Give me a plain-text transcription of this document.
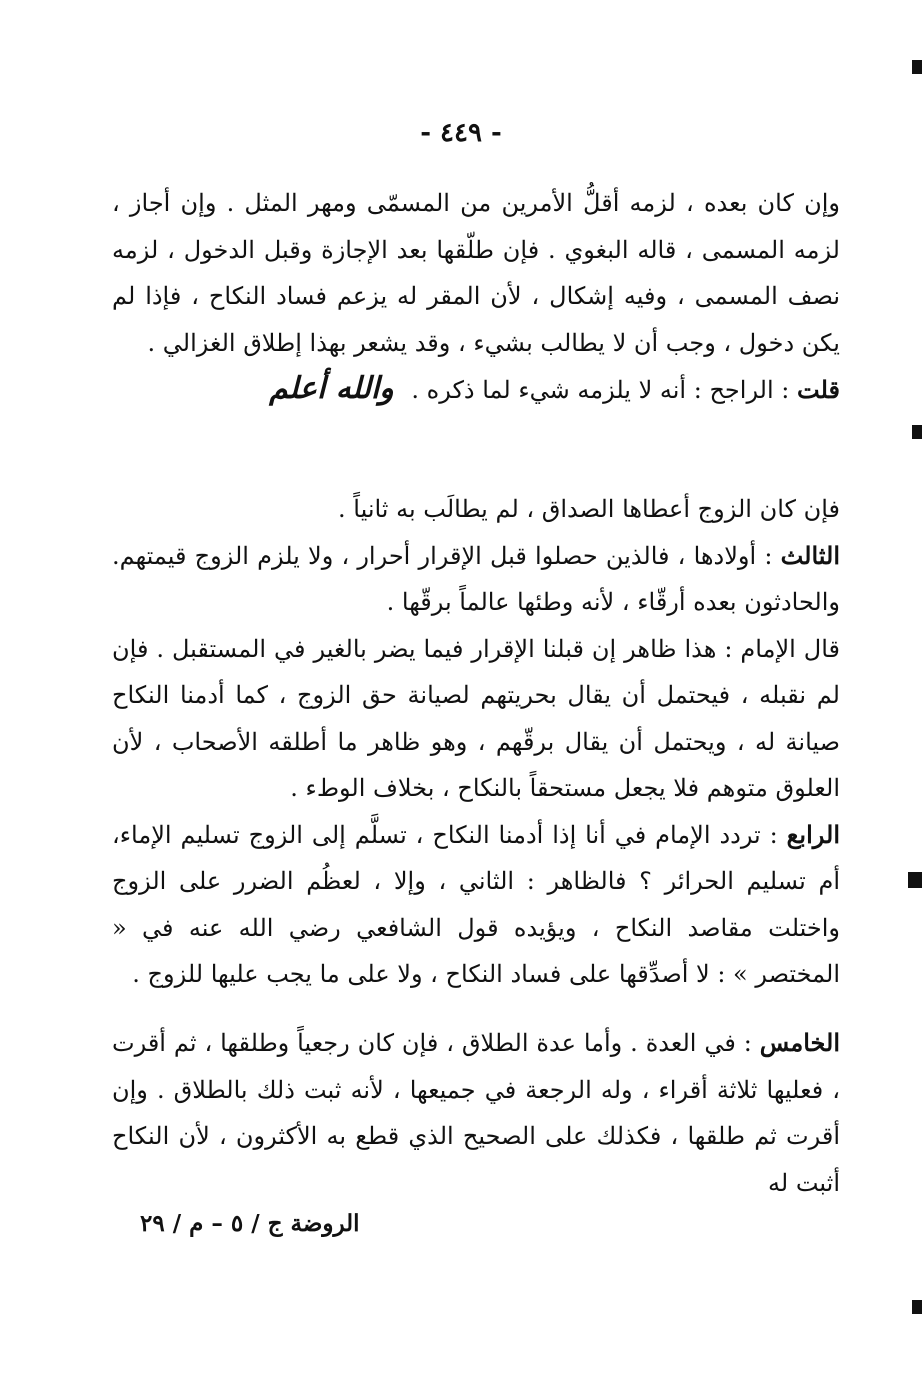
- ٤٤٩ -

وإن كان بعده ، لزمه أقلُّ الأمرين من المسمّى ومهر المثل . وإن أجاز ، لزمه المسمى ، قاله البغوي . فإن طلّقها بعد الإجازة وقبل الدخول ، لزمه نصف المسمى ، وفيه إشكال ، لأن المقر له يزعم فساد النكاح ، فإذا لم يكن دخول ، وجب أن لا يطالب بشيء ، وقد يشعر بهذا إطلاق الغزالي .

قلت : الراجح : أنه لا يلزمه شيء لما ذكره . والله أعلم

فإن كان الزوج أعطاها الصداق ، لم يطالَب به ثانياً .

الثالث : أولادها ، فالذين حصلوا قبل الإقرار أحرار ، ولا يلزم الزوج قيمتهم. والحادثون بعده أرقّاء ، لأنه وطئها عالماً برقّها .

قال الإمام : هذا ظاهر إن قبلنا الإقرار فيما يضر بالغير في المستقبل . فإن لم نقبله ، فيحتمل أن يقال بحريتهم لصيانة حق الزوج ، كما أدمنا النكاح صيانة له ، ويحتمل أن يقال برقّهم ، وهو ظاهر ما أطلقه الأصحاب ، لأن العلوق متوهم فلا يجعل مستحقاً بالنكاح ، بخلاف الوطء .

الرابع : تردد الإمام في أنا إذا أدمنا النكاح ، تسلَّم إلى الزوج تسليم الإماء، أم تسليم الحرائر ؟ فالظاهر : الثاني ، وإلا ، لعظُم الضرر على الزوج واختلت مقاصد النكاح ، ويؤيده قول الشافعي رضي الله عنه في « المختصر » : لا أصدِّقها على فساد النكاح ، ولا على ما يجب عليها للزوج .

الخامس : في العدة . وأما عدة الطلاق ، فإن كان رجعياً وطلقها ، ثم أقرت ، فعليها ثلاثة أقراء ، وله الرجعة في جميعها ، لأنه ثبت ذلك بالطلاق . وإن أقرت ثم طلقها ، فكذلك على الصحيح الذي قطع به الأكثرون ، لأن النكاح أثبت له

الروضة ج / ٥ – م / ٢٩
